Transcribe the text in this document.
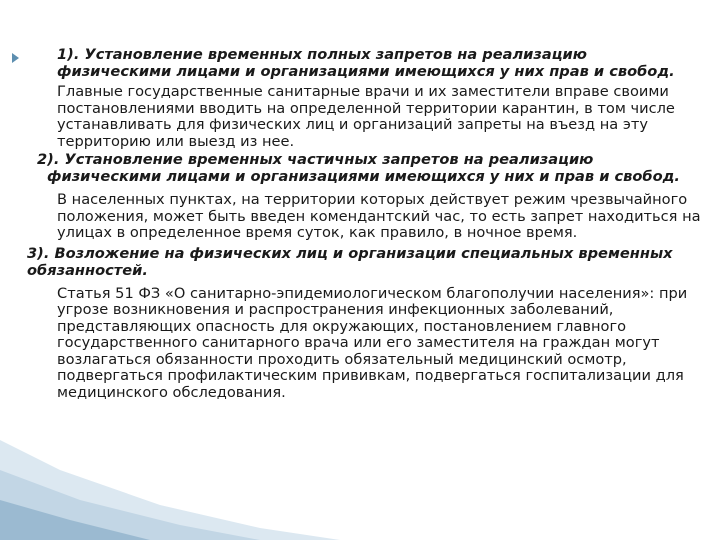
1). Установление временных полных запретов на реализацию физическими лицами и организациями имеющихся у них прав и свобод.

Главные государственные санитарные врачи и их заместители вправе своими постановлениями вводить на определенной территории карантин, в том числе устанавливать для физических лиц и организаций запреты на въезд на эту территорию или выезд из нее.

2). Установление временных частичных запретов на реализацию физическими лицами и организациями имеющихся у них и прав и свобод.

В населенных пунктах, на территории которых действует режим чрезвычайного положения, может быть введен комендантский час, то есть запрет находиться на улицах в определенное время суток, как правило, в ночное время.

3). Возложение на физических лиц и организации специальных временных обязанностей.

Статья 51 ФЗ «О санитарно-эпидемиологическом благополучии населения»: при угрозе возникновения и распространения инфекционных заболеваний, представляющих опасность для окружающих, постановлением главного государственного санитарного врача или его заместителя на граждан могут возлагаться обязанности проходить обязательный медицинский осмотр, подвергаться профилактическим прививкам, подвергаться госпитализации для медицинского обследования.
